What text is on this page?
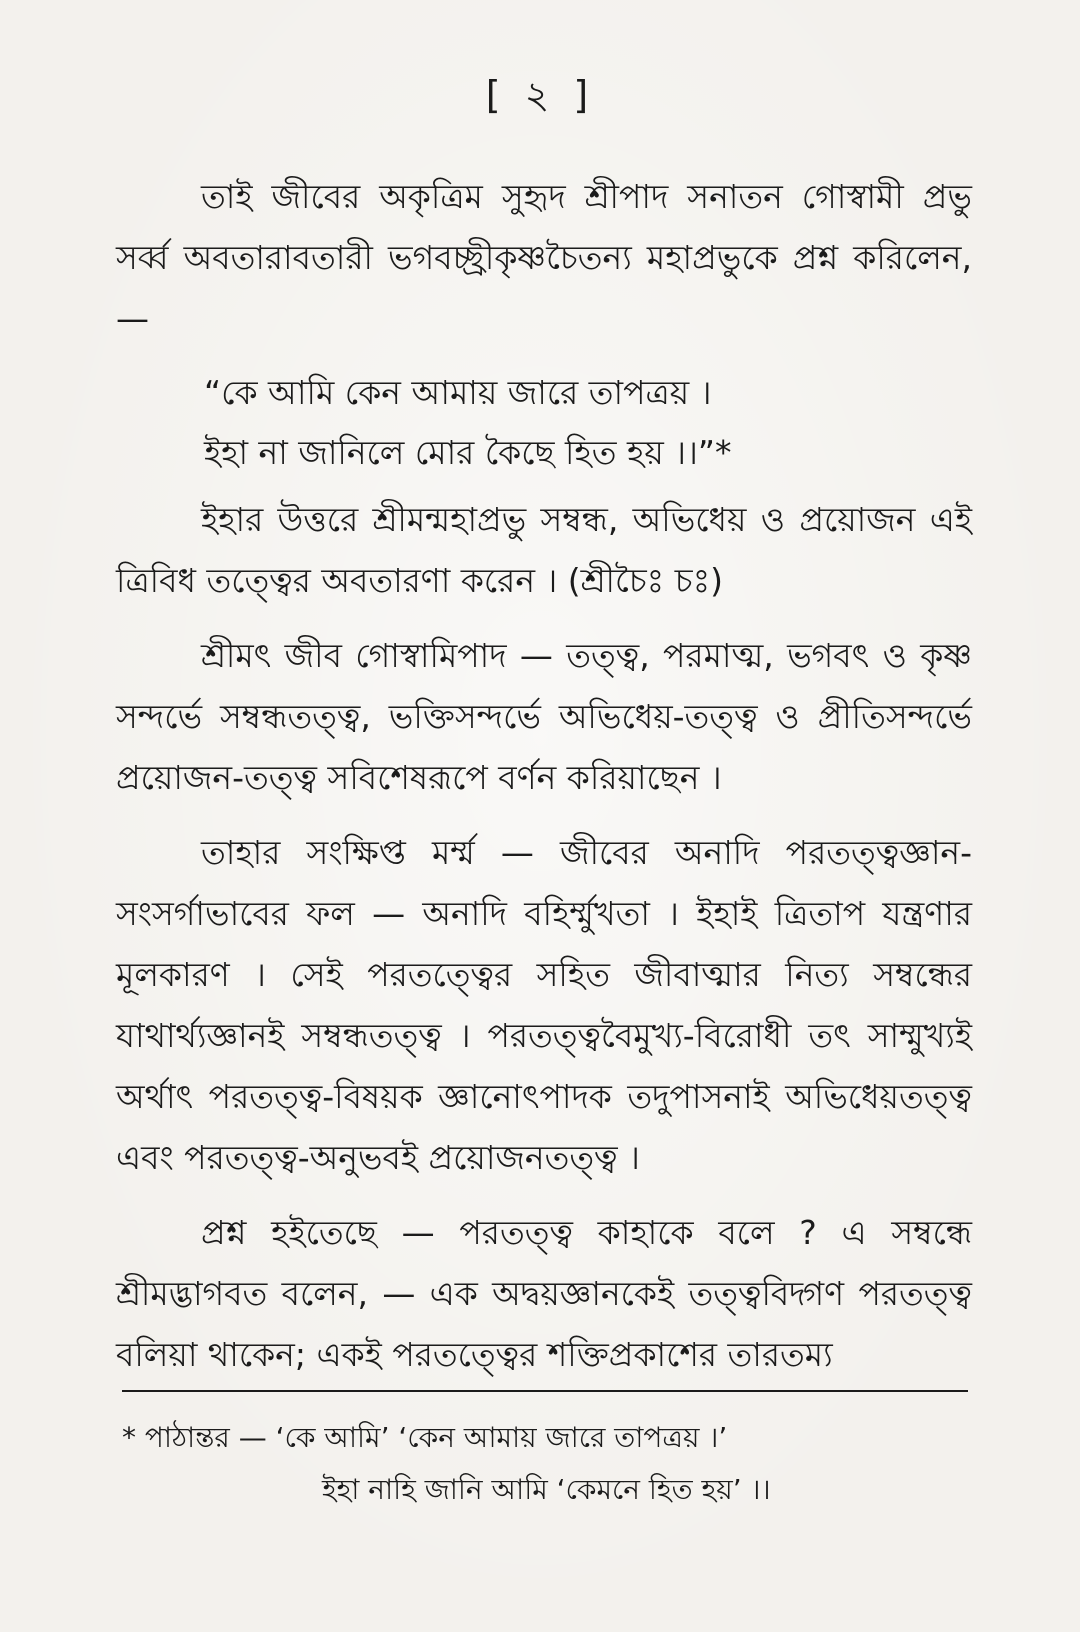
[ ২ ]

তাই জীবের অকৃত্রিম সুহৃদ শ্রীপাদ সনাতন গোস্বামী প্রভু সর্ব্ব অবতারাবতারী ভগবচ্ছ্রীকৃষ্ণচৈতন্য মহাপ্রভুকে প্রশ্ন করিলেন, —

“কে আমি কেন আমায় জারে তাপত্রয় ।
ইহা না জানিলে মোর কৈছে হিত হয় ।।”*

ইহার উত্তরে শ্রীমন্মহাপ্রভু সম্বন্ধ, অভিধেয় ও প্রয়োজন এই ত্রিবিধ তত্ত্বের অবতারণা করেন । (শ্রীচৈঃ চঃ)

শ্রীমৎ জীব গোস্বামিপাদ — তত্ত্ব, পরমাত্ম, ভগবৎ ও কৃষ্ণ সন্দর্ভে সম্বন্ধতত্ত্ব, ভক্তিসন্দর্ভে অভিধেয়-তত্ত্ব ও প্রীতিসন্দর্ভে প্রয়োজন-তত্ত্ব সবিশেষরূপে বর্ণন করিয়াছেন ।

তাহার সংক্ষিপ্ত মর্ম্ম — জীবের অনাদি পরতত্ত্বজ্ঞান-সংসর্গাভাবের ফল — অনাদি বহির্ম্মুখতা । ইহাই ত্রিতাপ যন্ত্রণার মূলকারণ । সেই পরতত্ত্বের সহিত জীবাত্মার নিত্য সম্বন্ধের যাথার্থ্যজ্ঞানই সম্বন্ধতত্ত্ব । পরতত্ত্ববৈমুখ্য-বিরোধী তৎ সাম্মুখ্যই অর্থাৎ পরতত্ত্ব-বিষয়ক জ্ঞানোৎপাদক তদুপাসনাই অভিধেয়তত্ত্ব এবং পরতত্ত্ব-অনুভবই প্রয়োজনতত্ত্ব ।

প্রশ্ন হইতেছে — পরতত্ত্ব কাহাকে বলে ? এ সম্বন্ধে শ্রীমদ্ভাগবত বলেন, — এক অদ্বয়জ্ঞানকেই তত্ত্ববিদ্গণ পরতত্ত্ব বলিয়া থাকেন; একই পরতত্ত্বের শক্তিপ্রকাশের তারতম্য

* পাঠান্তর — ‘কে আমি’ ‘কেন আমায় জারে তাপত্রয় ।’
ইহা নাহি জানি আমি ‘কেমনে হিত হয়’ ।।
